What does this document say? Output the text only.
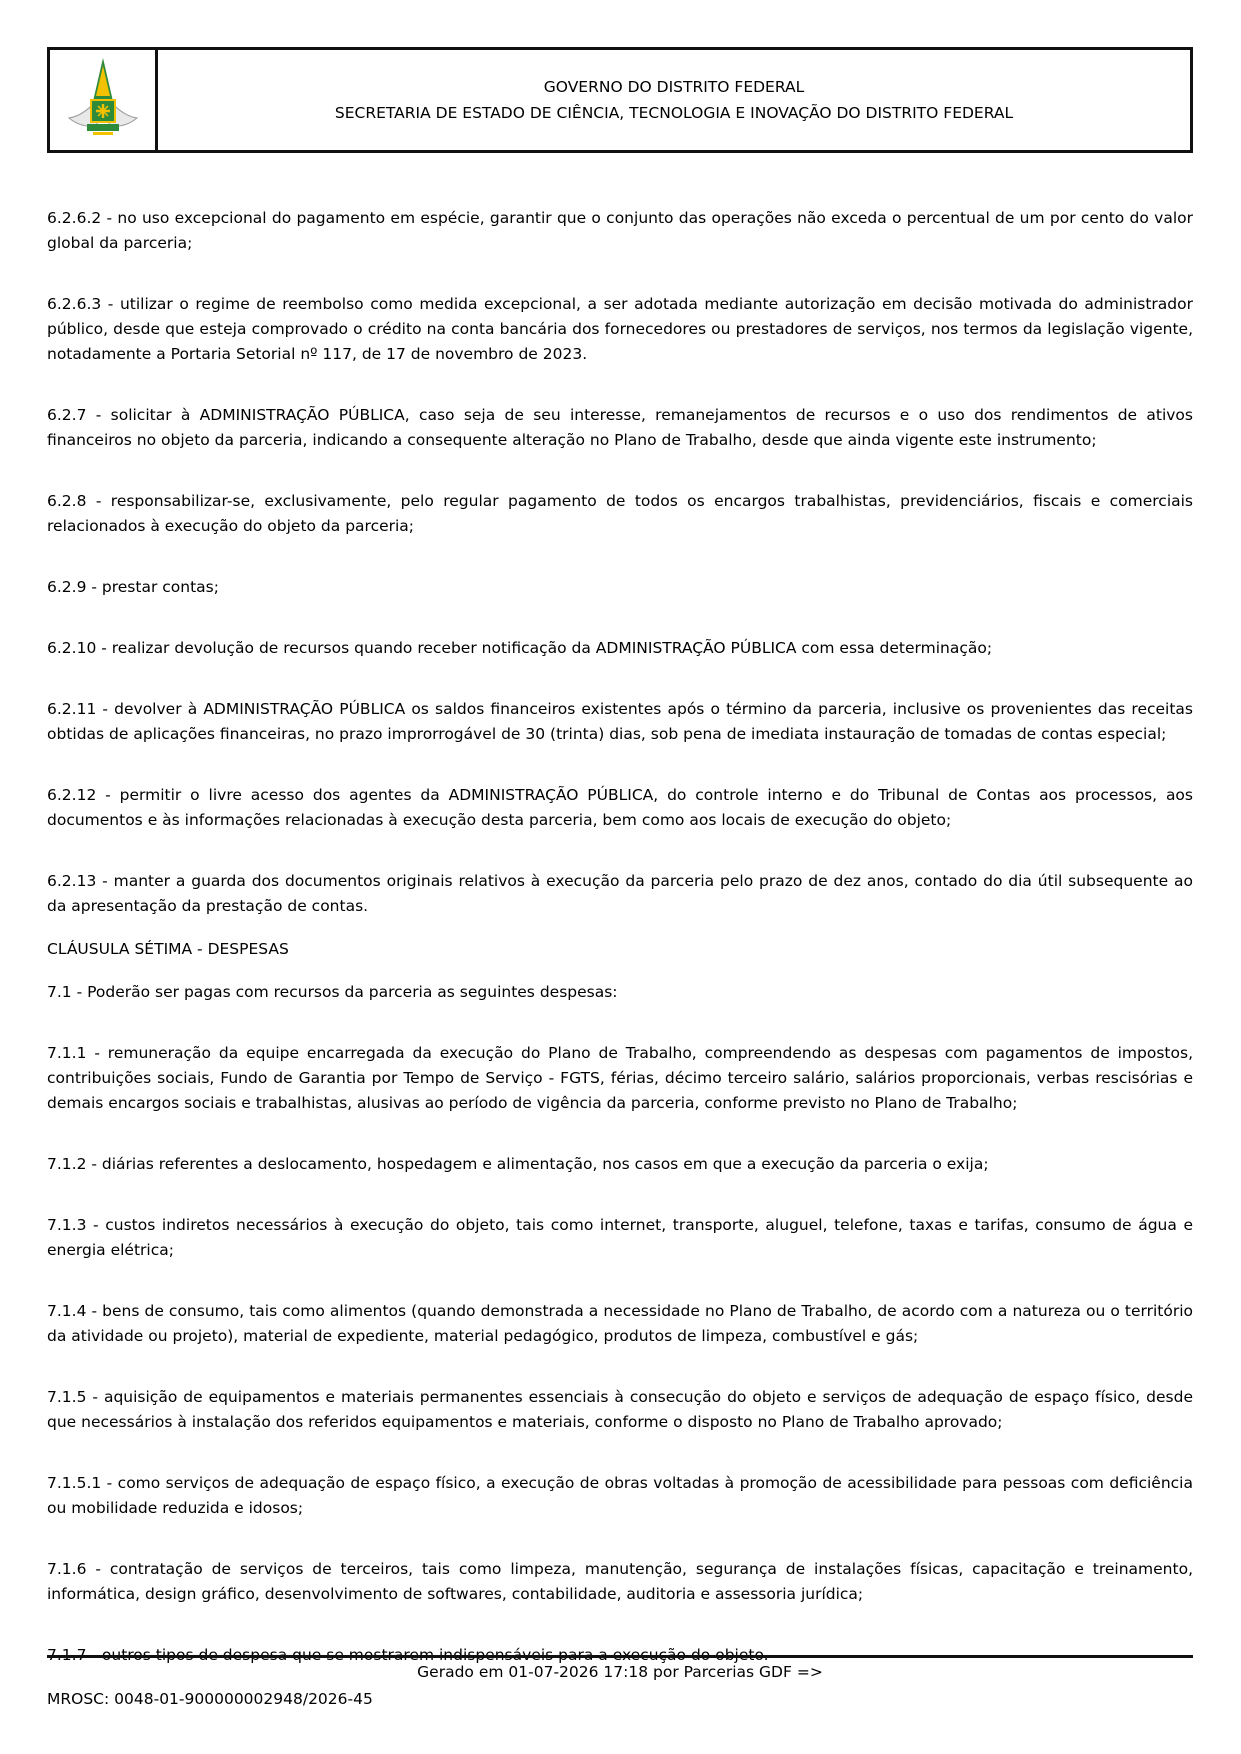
GOVERNO DO DISTRITO FEDERAL
SECRETARIA DE ESTADO DE CIÊNCIA, TECNOLOGIA E INOVAÇÃO DO DISTRITO FEDERAL

6.2.6.2 - no uso excepcional do pagamento em espécie, garantir que o conjunto das operações não exceda o percentual de um por cento do valor global da parceria;

6.2.6.3 - utilizar o regime de reembolso como medida excepcional, a ser adotada mediante autorização em decisão motivada do administrador público, desde que esteja comprovado o crédito na conta bancária dos fornecedores ou prestadores de serviços, nos termos da legislação vigente, notadamente a Portaria Setorial nº 117, de 17 de novembro de 2023.

6.2.7 - solicitar à ADMINISTRAÇÃO PÚBLICA, caso seja de seu interesse, remanejamentos de recursos e o uso dos rendimentos de ativos financeiros no objeto da parceria, indicando a consequente alteração no Plano de Trabalho, desde que ainda vigente este instrumento;

6.2.8 - responsabilizar-se, exclusivamente, pelo regular pagamento de todos os encargos trabalhistas, previdenciários, fiscais e comerciais relacionados à execução do objeto da parceria;

6.2.9 - prestar contas;

6.2.10 - realizar devolução de recursos quando receber notificação da ADMINISTRAÇÃO PÚBLICA com essa determinação;

6.2.11 - devolver à ADMINISTRAÇÃO PÚBLICA os saldos financeiros existentes após o término da parceria, inclusive os provenientes das receitas obtidas de aplicações financeiras, no prazo improrrogável de 30 (trinta) dias, sob pena de imediata instauração de tomadas de contas especial;

6.2.12 - permitir o livre acesso dos agentes da ADMINISTRAÇÃO PÚBLICA, do controle interno e do Tribunal de Contas aos processos, aos documentos e às informações relacionadas à execução desta parceria, bem como aos locais de execução do objeto;

6.2.13 - manter a guarda dos documentos originais relativos à execução da parceria pelo prazo de dez anos, contado do dia útil subsequente ao da apresentação da prestação de contas.

CLÁUSULA SÉTIMA - DESPESAS

7.1 - Poderão ser pagas com recursos da parceria as seguintes despesas:

7.1.1 - remuneração da equipe encarregada da execução do Plano de Trabalho, compreendendo as despesas com pagamentos de impostos, contribuições sociais, Fundo de Garantia por Tempo de Serviço - FGTS, férias, décimo terceiro salário, salários proporcionais, verbas rescisórias e demais encargos sociais e trabalhistas, alusivas ao período de vigência da parceria, conforme previsto no Plano de Trabalho;

7.1.2 - diárias referentes a deslocamento, hospedagem e alimentação, nos casos em que a execução da parceria o exija;

7.1.3 - custos indiretos necessários à execução do objeto, tais como internet, transporte, aluguel, telefone, taxas e tarifas, consumo de água e energia elétrica;

7.1.4 - bens de consumo, tais como alimentos (quando demonstrada a necessidade no Plano de Trabalho, de acordo com a natureza ou o território da atividade ou projeto), material de expediente, material pedagógico, produtos de limpeza, combustível e gás;

7.1.5 - aquisição de equipamentos e materiais permanentes essenciais à consecução do objeto e serviços de adequação de espaço físico, desde que necessários à instalação dos referidos equipamentos e materiais, conforme o disposto no Plano de Trabalho aprovado;

7.1.5.1 - como serviços de adequação de espaço físico, a execução de obras voltadas à promoção de acessibilidade para pessoas com deficiência ou mobilidade reduzida e idosos;

7.1.6 - contratação de serviços de terceiros, tais como limpeza, manutenção, segurança de instalações físicas, capacitação e treinamento, informática, design gráfico, desenvolvimento de softwares, contabilidade, auditoria e assessoria jurídica;

7.1.7 - outros tipos de despesa que se mostrarem indispensáveis para a execução do objeto.

Gerado em 01-07-2026 17:18 por Parcerias GDF =>
MROSC: 0048-01-900000002948/2026-45
